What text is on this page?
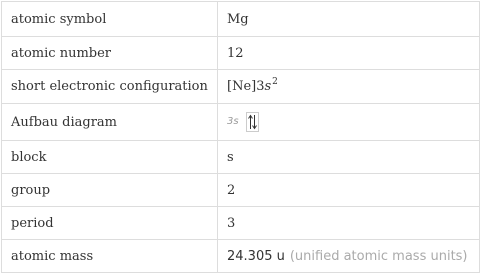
atomic symbol	Mg
atomic number	12
short electronic configuration	$[Ne]3s^2$
Aufbau diagram	3s

block	s
group	2
period	3
atomic mass	24.305 u (unified atomic mass units)
